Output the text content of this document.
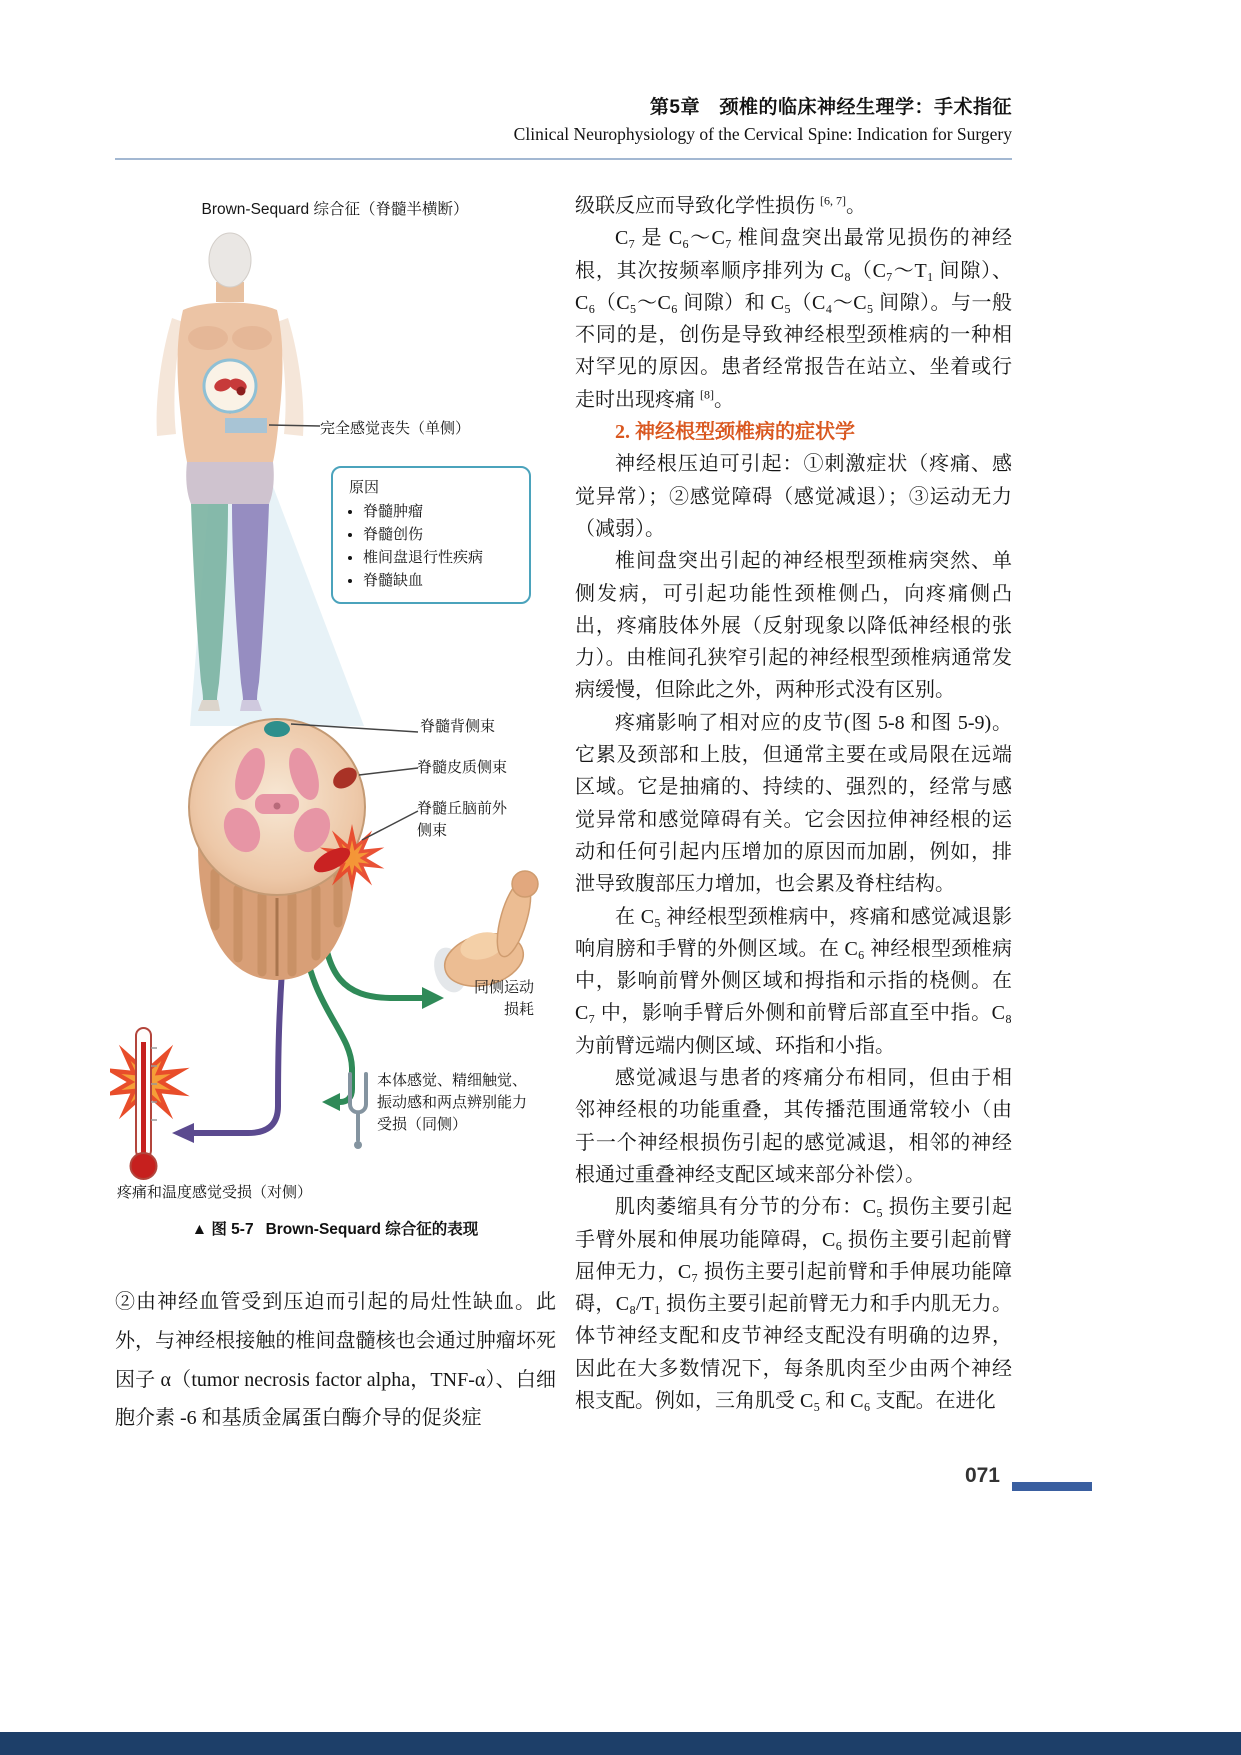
第5章　颈椎的临床神经生理学：手术指征
Clinical Neurophysiology of the Cervical Spine: Indication for Surgery
Brown-Sequard 综合征（脊髓半横断）
完全感觉丧失（单侧）
原因
• 脊髓肿瘤
• 脊髓创伤
• 椎间盘退行性疾病
• 脊髓缺血
脊髓背侧束
脊髓皮质侧束
脊髓丘脑前外侧束
同侧运动损耗
本体感觉、精细触觉、振动感和两点辨别能力受损（同侧）
疼痛和温度感觉受损（对侧）
▲ 图 5-7 Brown-Sequard 综合征的表现
②由神经血管受到压迫而引起的局灶性缺血。此外，与神经根接触的椎间盘髓核也会通过肿瘤坏死因子 α（tumor necrosis factor alpha，TNF-α）、白细胞介素 -6 和基质金属蛋白酶介导的促炎症

级联反应而导致化学性损伤 [6, 7]。

C₇ 是 C₆～C₇ 椎间盘突出最常见损伤的神经根，其次按频率顺序排列为 C₈（C₇～T₁ 间隙）、C₆（C₅～C₆ 间隙）和 C₅（C₄～C₅ 间隙）。与一般不同的是，创伤是导致神经根型颈椎病的一种相对罕见的原因。患者经常报告在站立、坐着或行走时出现疼痛 [8]。

2. 神经根型颈椎病的症状学

神经根压迫可引起：①刺激症状（疼痛、感觉异常）；②感觉障碍（感觉减退）；③运动无力（减弱）。

椎间盘突出引起的神经根型颈椎病突然、单侧发病，可引起功能性颈椎侧凸，向疼痛侧凸出，疼痛肢体外展（反射现象以降低神经根的张力）。由椎间孔狭窄引起的神经根型颈椎病通常发病缓慢，但除此之外，两种形式没有区别。

疼痛影响了相对应的皮节(图 5-8 和图 5-9)。它累及颈部和上肢，但通常主要在或局限在远端区域。它是抽痛的、持续的、强烈的，经常与感觉异常和感觉障碍有关。它会因拉伸神经根的运动和任何引起内压增加的原因而加剧，例如，排泄导致腹部压力增加，也会累及脊柱结构。

在 C₅ 神经根型颈椎病中，疼痛和感觉减退影响肩膀和手臂的外侧区域。在 C₆ 神经根型颈椎病中，影响前臂外侧区域和拇指和示指的桡侧。在 C₇ 中，影响手臂后外侧和前臂后部直至中指。C₈ 为前臂远端内侧区域、环指和小指。

感觉减退与患者的疼痛分布相同，但由于相邻神经根的功能重叠，其传播范围通常较小（由于一个神经根损伤引起的感觉减退，相邻的神经根通过重叠神经支配区域来部分补偿）。

肌肉萎缩具有分节的分布：C₅ 损伤主要引起手臂外展和伸展功能障碍，C₆ 损伤主要引起前臂屈伸无力，C₇ 损伤主要引起前臂和手伸展功能障碍，C₈/T₁ 损伤主要引起前臂无力和手内肌无力。体节神经支配和皮节神经支配没有明确的边界，因此在大多数情况下，每条肌肉至少由两个神经根支配。例如，三角肌受 C₅ 和 C₆ 支配。在进化

071
